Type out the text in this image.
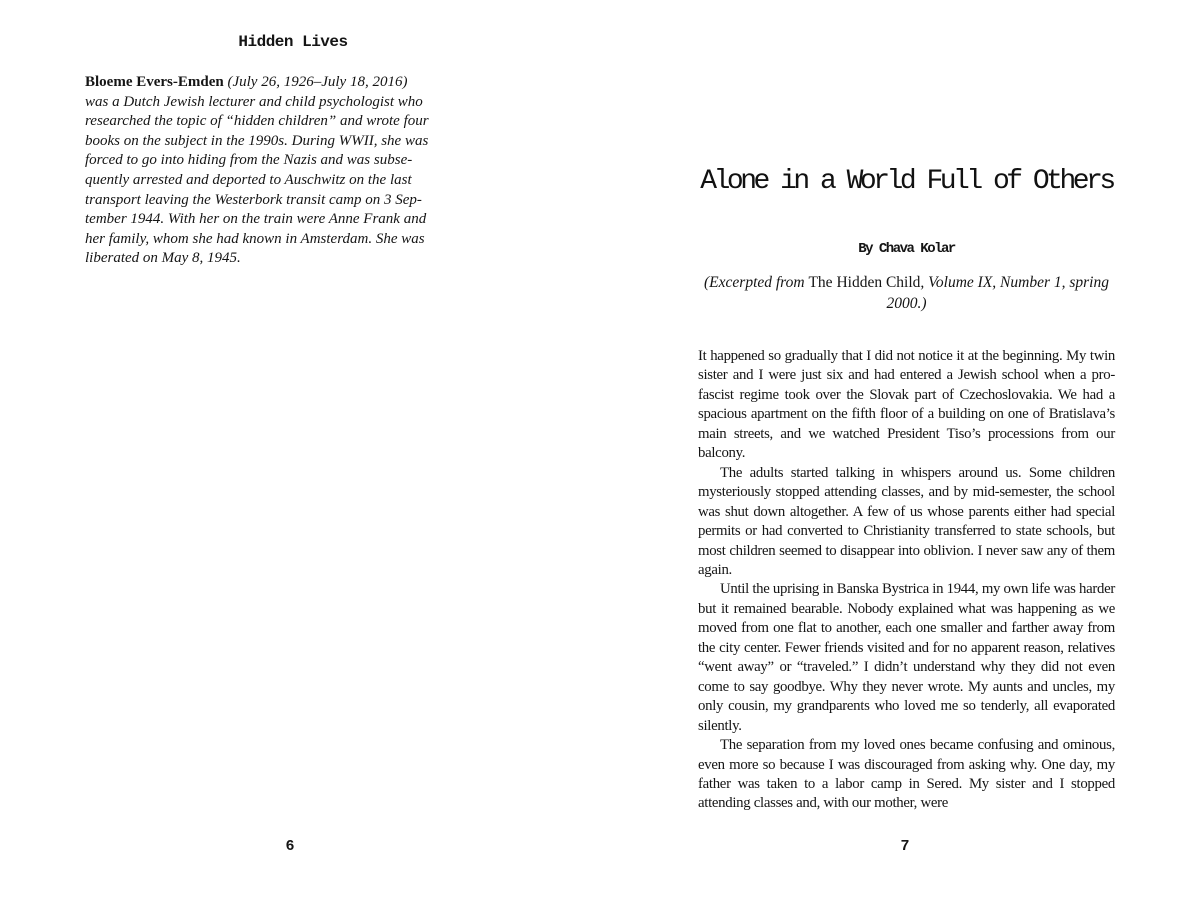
Hidden Lives
Bloeme Evers-Emden (July 26, 1926–July 18, 2016)
was a Dutch Jewish lecturer and child psychologist who
researched the topic of “hidden children” and wrote four
books on the subject in the 1990s. During WWII, she was
forced to go into hiding from the Nazis and was subse-
quently arrested and deported to Auschwitz on the last
transport leaving the Westerbork transit camp on 3 Sep-
tember 1944. With her on the train were Anne Frank and
her family, whom she had known in Amsterdam. She was
liberated on May 8, 1945.
6
Alone in a World Full of Others
By Chava Kolar
(Excerpted from The Hidden Child, Volume IX, Number 1, spring 2000.)

It happened so gradually that I did not notice it at the beginning. My twin sister and I were just six and had entered a Jewish school when a pro-fascist regime took over the Slovak part of Czechoslovakia. We had a spacious apartment on the fifth floor of a building on one of Bratislava’s main streets, and we watched President Tiso’s processions from our balcony.

The adults started talking in whispers around us. Some children mysteriously stopped attending classes, and by mid-semester, the school was shut down altogether. A few of us whose parents either had special permits or had converted to Christianity transferred to state schools, but most children seemed to disappear into oblivion. I never saw any of them again.

Until the uprising in Banska Bystrica in 1944, my own life was harder but it remained bearable. Nobody explained what was happening as we moved from one flat to another, each one smaller and farther away from the city center. Fewer friends visited and for no apparent reason, relatives “went away” or “traveled.” I didn’t understand why they did not even come to say goodbye. Why they never wrote. My aunts and uncles, my only cousin, my grandparents who loved me so tenderly, all evaporated silently.

The separation from my loved ones became confusing and ominous, even more so because I was discouraged from asking why. One day, my father was taken to a labor camp in Sered. My sister and I stopped attending classes and, with our mother, were

7
